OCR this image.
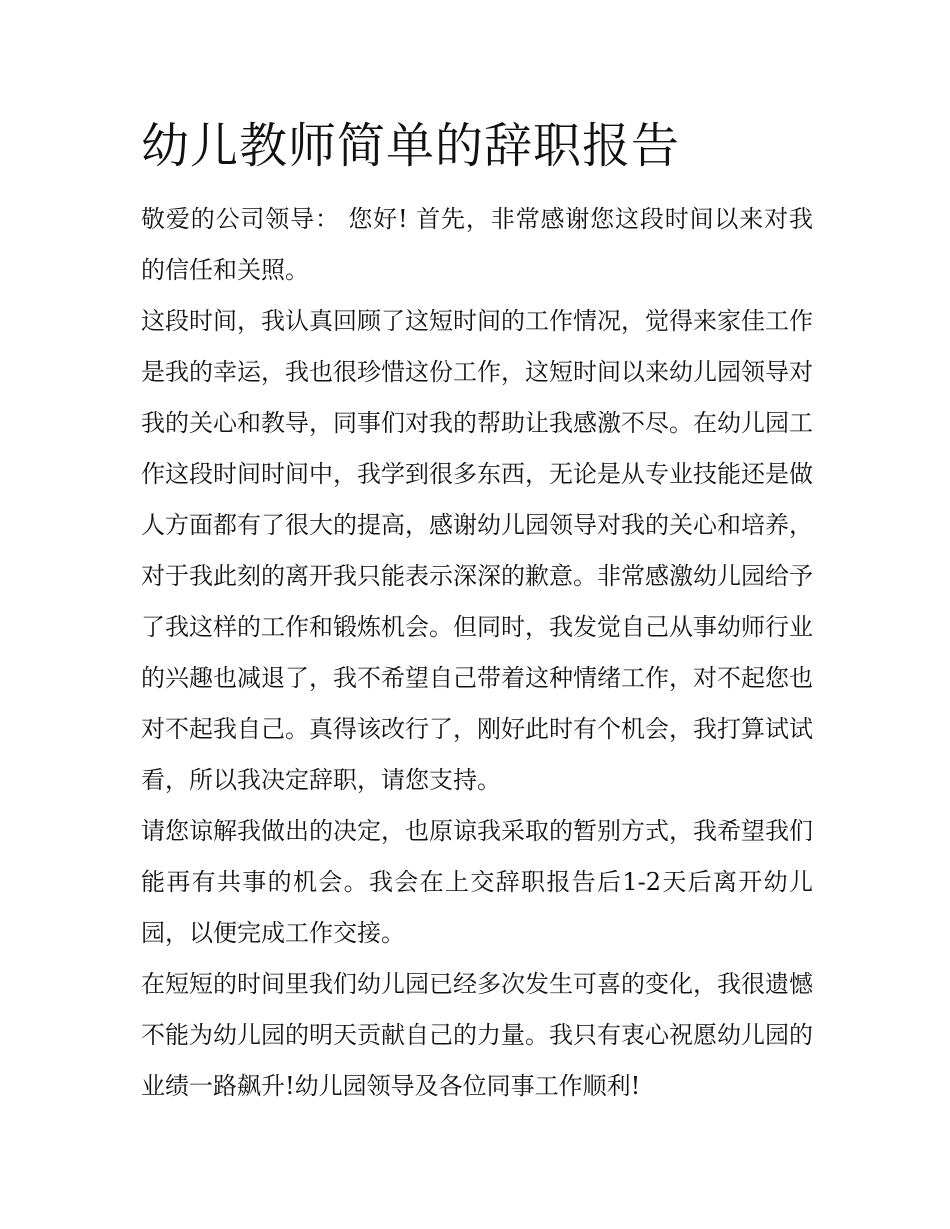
幼儿教师简单的辞职报告

敬爱的公司领导： 您好! 首先，非常感谢您这段时间以来对我的信任和关照。

这段时间，我认真回顾了这短时间的工作情况，觉得来家佳工作是我的幸运，我也很珍惜这份工作，这短时间以来幼儿园领导对我的关心和教导，同事们对我的帮助让我感激不尽。在幼儿园工作这段时间时间中，我学到很多东西，无论是从专业技能还是做人方面都有了很大的提高，感谢幼儿园领导对我的关心和培养，对于我此刻的离开我只能表示深深的歉意。非常感激幼儿园给予了我这样的工作和锻炼机会。但同时，我发觉自己从事幼师行业的兴趣也减退了，我不希望自己带着这种情绪工作，对不起您也对不起我自己。真得该改行了，刚好此时有个机会，我打算试试看，所以我决定辞职，请您支持。

请您谅解我做出的决定，也原谅我采取的暂别方式，我希望我们能再有共事的机会。我会在上交辞职报告后1-2天后离开幼儿园，以便完成工作交接。

在短短的时间里我们幼儿园已经多次发生可喜的变化，我很遗憾不能为幼儿园的明天贡献自己的力量。我只有衷心祝愿幼儿园的业绩一路飙升!幼儿园领导及各位同事工作顺利!
